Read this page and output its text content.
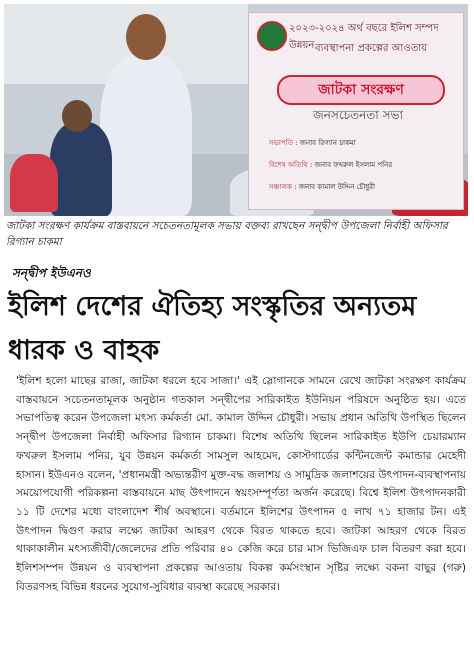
২০২৩-২০২৪ অর্থ বছরে ইলিশ সম্পদ উন্নয়ন ব্যবস্থাপনা প্রকল্পের আওতায়
জাটকা সংরক্ষণ
জনসচেতনতা সভা
সভাপতি : জনাব রিগ্যান চাকমা
বিশেষ অতিথি : জনাব ফখরুল ইসলাম পনির
সঞ্চালক : জনাব কামাল উদ্দিন চৌধুরী
জাটকা সংরক্ষণ কার্যক্রম বাস্তবায়নে সচেতনতামূলক সভায় বক্তব্য রাখছেন সন্দ্বীপ উপজেলা নির্বাহী অফিসার রিগ্যান চাকমা
সন্দ্বীপ ইউএনও
ইলিশ দেশের ঐতিহ্য সংস্কৃতির অন্যতম ধারক ও বাহক
'ইলিশ হলো মাছের রাজা, জাটকা ধরলে হবে সাজা।' এই স্লোগানকে সামনে রেখে জাটকা সংরক্ষণ কার্যক্রম বাস্তবায়নে সচেতনতামূলক অনুষ্ঠান গতকাল সন্দ্বীপের সারিকাইত ইউনিয়ন পরিষদে অনুষ্ঠিত হয়। এতে সভাপতিত্ব করেন উপজেলা মৎস্য কর্মকর্তা মো. কামাল উদ্দিন চৌধুরী। সভায় প্রধান অতিথি উপস্থিত ছিলেন সন্দ্বীপ উপজেলা নির্বাহী অফিসার রিগ্যান চাকমা। বিশেষ অতিথি ছিলেন সারিকাইত ইউপি চেয়ারম্যান ফখরুল ইসলাম পনির, যুব উন্নয়ন কর্মকর্তা সামসুল আহমেদ, কোস্টগার্ডের কন্টিনজেন্ট কমান্ডার মেহেদী হাসান। ইউএনও বলেন, 'প্রধানমন্ত্রী অভ্যন্তরীণ মুক্ত-বদ্ধ জলাশয় ও সামুদ্রিক জলাশয়ের উৎপাদন-ব্যবস্থাপনায় সময়োপযোগী পরিকল্পনা বাস্তবায়নে মাছ উৎপাদনে স্বয়ংসম্পূর্ণতা অর্জন করেছে। বিশ্বে ইলিশ উৎপাদনকারী ১১ টি দেশের মধ্যে বাংলাদেশ শীর্ষ অবস্থানে। বর্তমানে ইলিশের উৎপাদন ৫ লাখ ৭১ হাজার টন। এই উৎপাদন দ্বিগুণ করার লক্ষ্যে জাটকা আহরণ থেকে বিরত থাকতে হবে। জাটকা আহরণ থেকে বিরত থাকাকালীন মৎস্যজীবী/জেলেদের প্রতি পরিবার ৪০ কেজি করে চার মাস ভিজিএফ চাল বিতরণ করা হবে। ইলিশসম্পদ উন্নয়ন ও ব্যবস্থাপনা প্রকল্পের আওতায় বিকল্প কর্মসংস্থান সৃষ্টির লক্ষ্যে বকনা বাছুর (গরু) বিতরণসহ বিভিন্ন ধরনের সুযোগ-সুবিধার ব্যবস্থা করেছে সরকার।
